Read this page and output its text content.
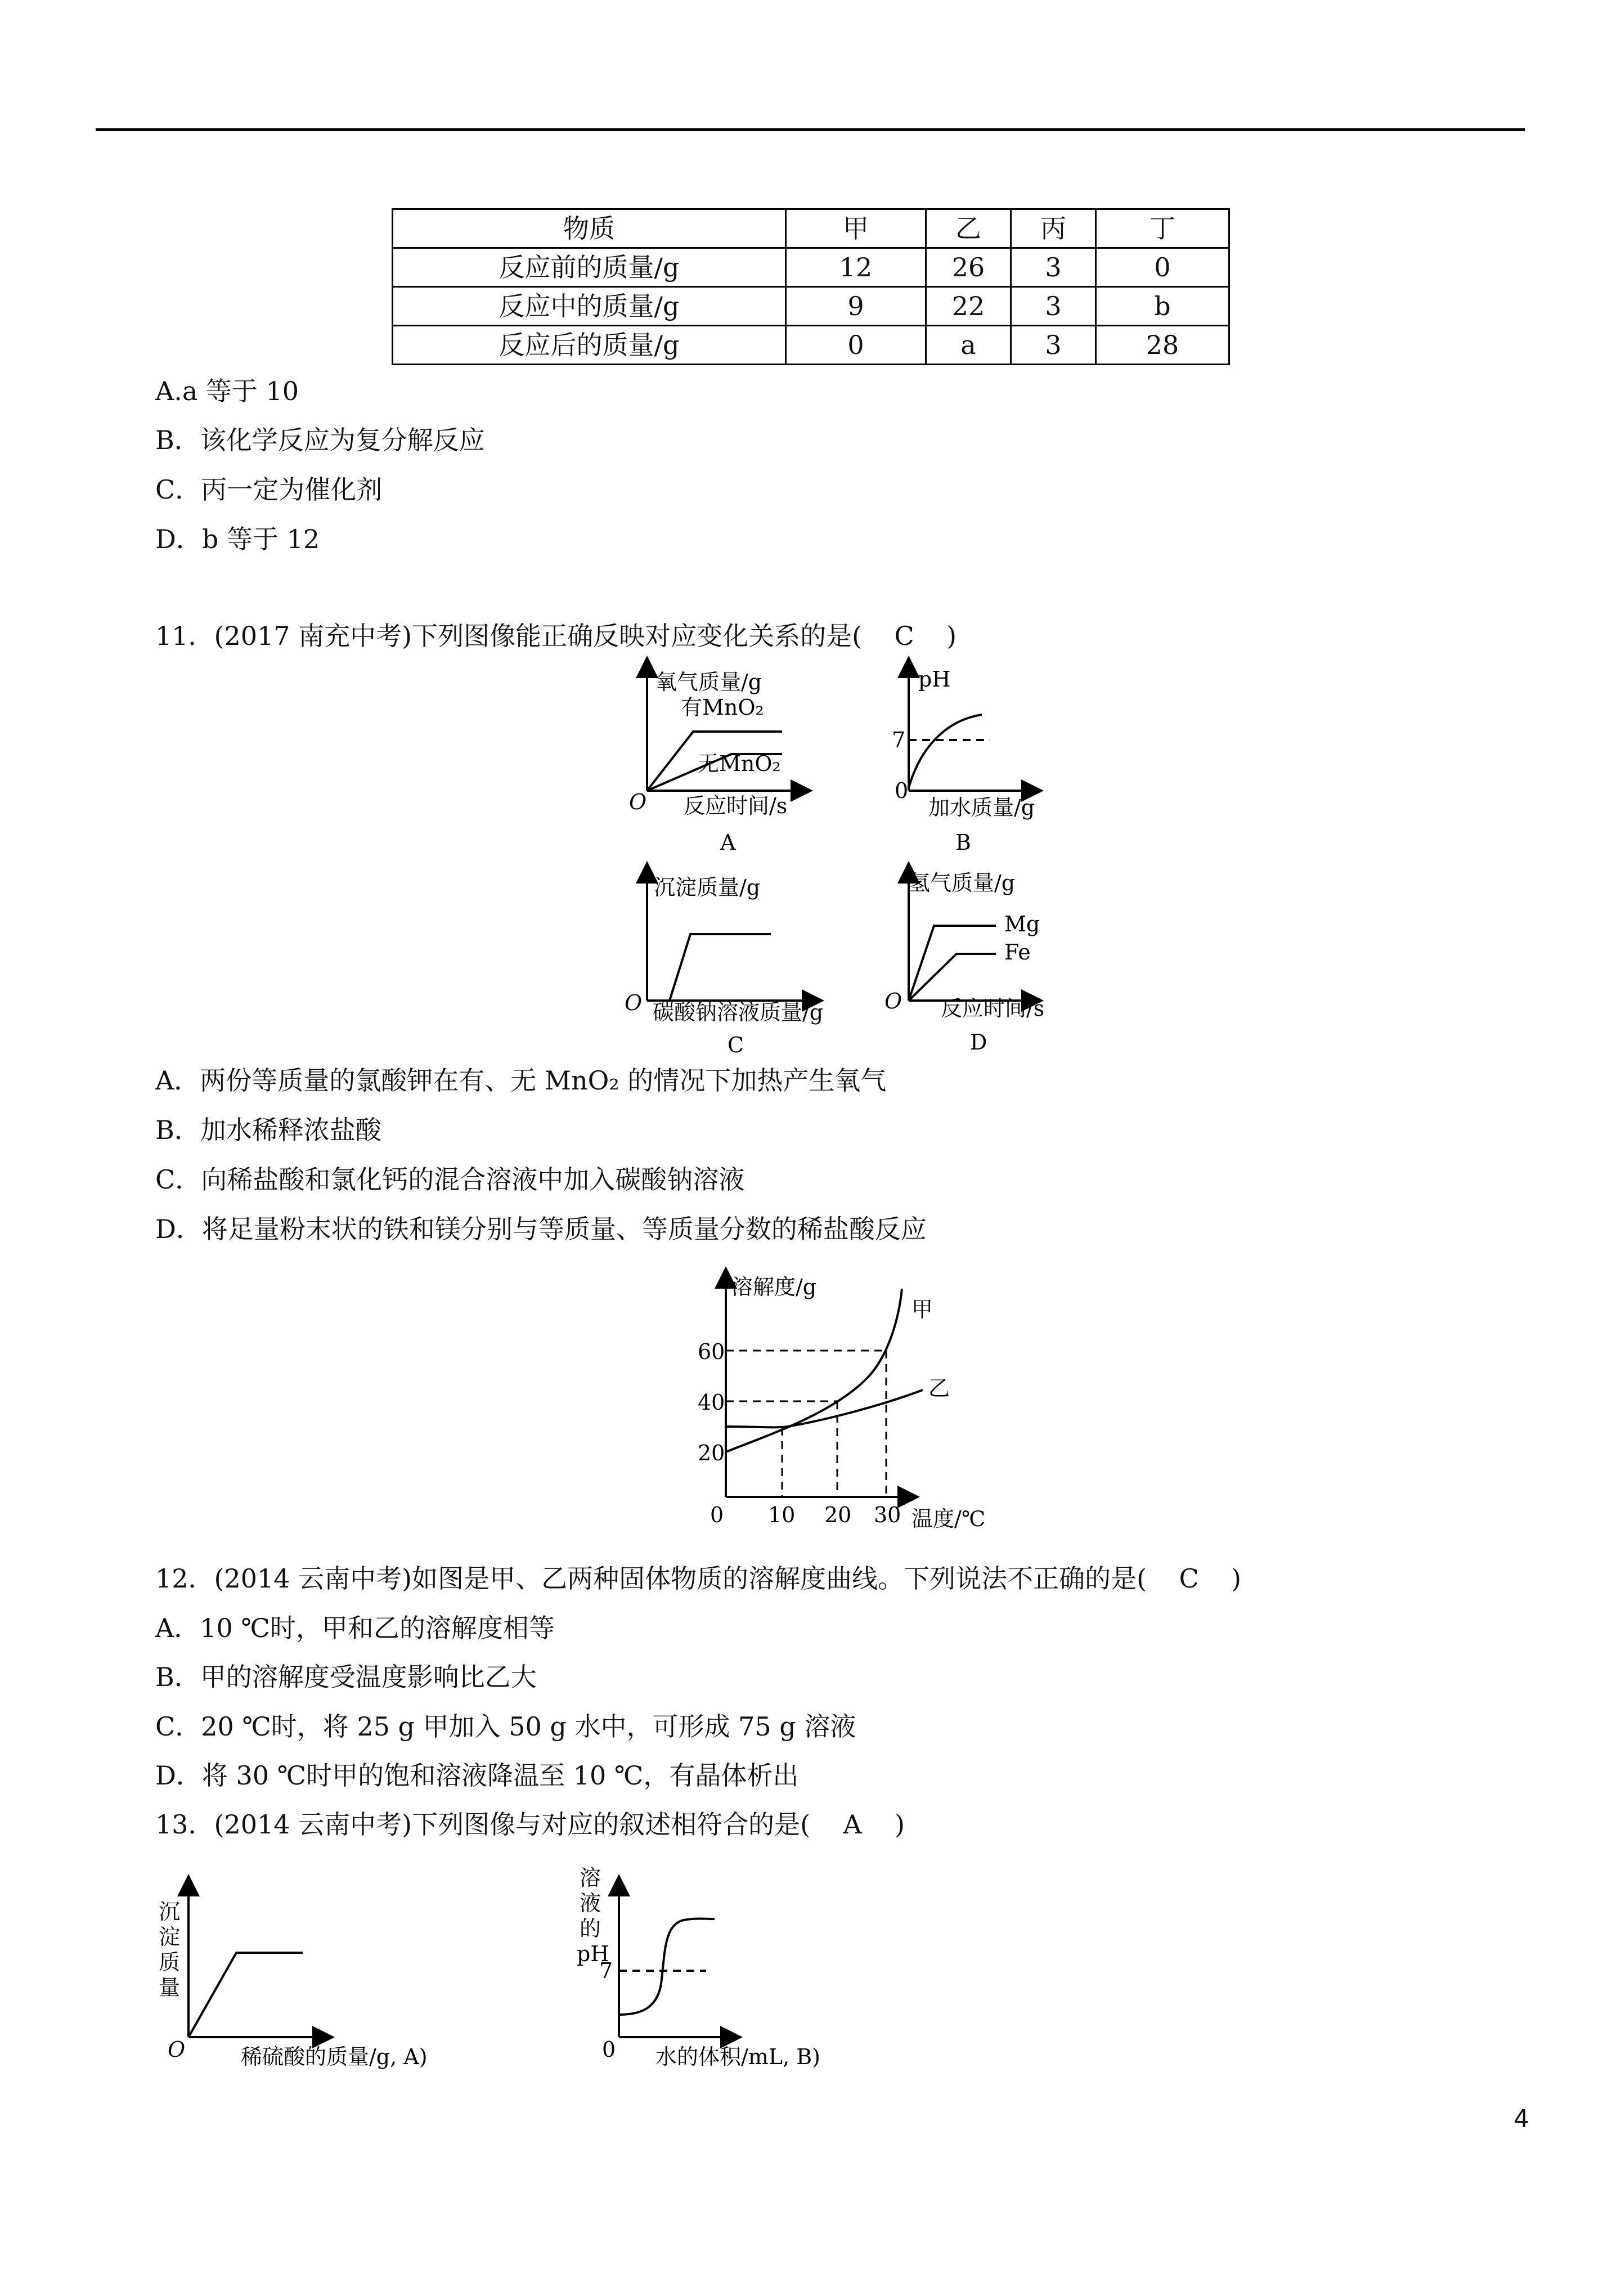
物质	甲	乙	丙	丁
反应前的质量/g	12	26	3	0
反应中的质量/g	9	22	3	b
反应后的质量/g	0	a	3	28
A.a 等于 10
B．该化学反应为复分解反应
C．丙一定为催化剂
D．b 等于 12
11．(2017 南充中考)下列图像能正确反映对应变化关系的是( C )
氧气质量/g
有MnO₂
无MnO₂
O 反应时间/s
A
pH
7
0
加水质量/g
B
沉淀质量/g
O 碳酸钠溶液质量/g
C
氢气质量/g
Mg
Fe
O 反应时间/s
D
溶解度/g
甲
乙
60
40
20
0 10 20 30 温度/℃
沉
淀
质
量
O	稀硫酸的质量/g, A)
溶
液
的
pH
7
0 水的体积/mL, B)
A．两份等质量的氯酸钾在有、无 MnO₂ 的情况下加热产生氧气
B．加水稀释浓盐酸
C．向稀盐酸和氯化钙的混合溶液中加入碳酸钠溶液
D．将足量粉末状的铁和镁分别与等质量、等质量分数的稀盐酸反应
12．(2014 云南中考)如图是甲、乙两种固体物质的溶解度曲线。下列说法不正确的是( C )
A．10 ℃时，甲和乙的溶解度相等
B．甲的溶解度受温度影响比乙大
C．20 ℃时，将 25 g 甲加入 50 g 水中，可形成 75 g 溶液
D．将 30 ℃时甲的饱和溶液降温至 10 ℃，有晶体析出
13．(2014 云南中考)下列图像与对应的叙述相符合的是( A )
4
